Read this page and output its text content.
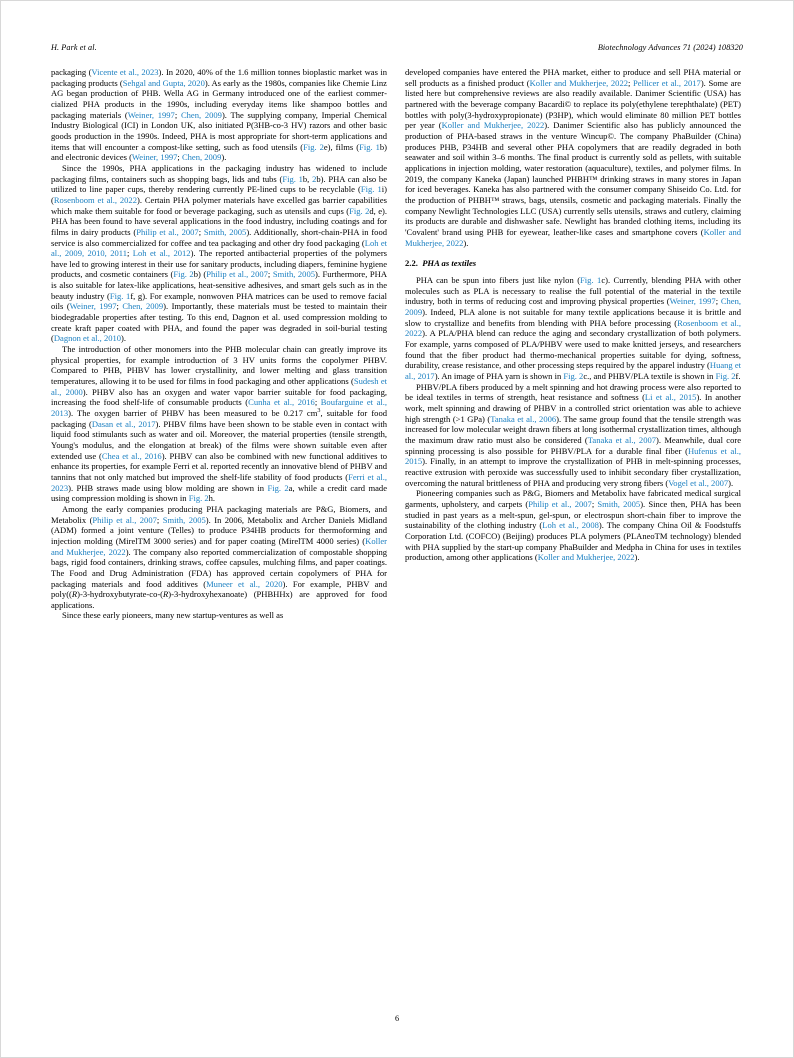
H. Park et al.	Biotechnology Advances 71 (2024) 108320

packaging (Vicente et al., 2023). In 2020, 40% of the 1.6 million tonnes bioplastic market was in packaging products (Sehgal and Gupta, 2020). As early as the 1980s, companies like Chemie Linz AG began production of PHB. Wella AG in Germany introduced one of the earliest commercialized PHA products in the 1990s, including everyday items like shampoo bottles and packaging materials (Weiner, 1997; Chen, 2009). The supplying company, Imperial Chemical Industry Biological (ICI) in London UK, also initiated P(3HB-co-3 HV) razors and other basic goods production in the 1990s. Indeed, PHA is most appropriate for short-term applications and items that will encounter a compost-like setting, such as food utensils (Fig. 2e), films (Fig. 1b) and electronic devices (Weiner, 1997; Chen, 2009).

Since the 1990s, PHA applications in the packaging industry has widened to include packaging films, containers such as shopping bags, lids and tubs (Fig. 1b, 2b). PHA can also be utilized to line paper cups, thereby rendering currently PE-lined cups to be recyclable (Fig. 1i) (Rosenboom et al., 2022). Certain PHA polymer materials have excelled gas barrier capabilities which make them suitable for food or beverage packaging, such as utensils and cups (Fig. 2d, e). PHA has been found to have several applications in the food industry, including coatings and for films in dairy products (Philip et al., 2007; Smith, 2005). Additionally, short-chain-PHA in food service is also commercialized for coffee and tea packaging and other dry food packaging (Loh et al., 2009, 2010, 2011; Loh et al., 2012). The reported antibacterial properties of the polymers have led to growing interest in their use for sanitary products, including diapers, feminine hygiene products, and cosmetic containers (Fig. 2b) (Philip et al., 2007; Smith, 2005). Furthermore, PHA is also suitable for latex-like applications, heat-sensitive adhesives, and smart gels such as in the beauty industry (Fig. 1f, g). For example, nonwoven PHA matrices can be used to remove facial oils (Weiner, 1997; Chen, 2009). Importantly, these materials must be tested to maintain their biodegradable properties after testing. To this end, Dagnon et al. used compression molding to create kraft paper coated with PHA, and found the paper was degraded in soil-burial testing (Dagnon et al., 2010).

The introduction of other monomers into the PHB molecular chain can greatly improve its physical properties, for example introduction of 3 HV units forms the copolymer PHBV. Compared to PHB, PHBV has lower crystallinity, and lower melting and glass transition temperatures, allowing it to be used for films in food packaging and other applications (Sudesh et al., 2000). PHBV also has an oxygen and water vapor barrier suitable for food packaging, increasing the food shelf-life of consumable products (Cunha et al., 2016; Boufarguine et al., 2013). The oxygen barrier of PHBV has been measured to be 0.217 $cm^3$, suitable for food packaging (Dasan et al., 2017). PHBV films have been shown to be stable even in contact with liquid food stimulants such as water and oil. Moreover, the material properties (tensile strength, Young's modulus, and the elongation at break) of the films were shown suitable even after extended use (Chea et al., 2016). PHBV can also be combined with new functional additives to enhance its properties, for example Ferri et al. reported recently an innovative blend of PHBV and tannins that not only matched but improved the shelf-life stability of food products (Ferri et al., 2023). PHB straws made using blow molding are shown in Fig. 2a, while a credit card made using compression molding is shown in Fig. 2h.

Among the early companies producing PHA packaging materials are P&G, Biomers, and Metabolix (Philip et al., 2007; Smith, 2005). In 2006, Metabolix and Archer Daniels Midland (ADM) formed a joint venture (Telles) to produce P34HB products for thermoforming and injection molding (MirelTM 3000 series) and for paper coating (MirelTM 4000 series) (Koller and Mukherjee, 2022). The company also reported commercialization of compostable shopping bags, rigid food containers, drinking straws, coffee capsules, mulching films, and paper coatings. The Food and Drug Administration (FDA) has approved certain copolymers of PHA for packaging materials and food additives (Muneer et al., 2020). For example, PHBV and poly((R)-3-hydroxybutyrate-co-(R)-3-hydroxyhexanoate) (PHBHHx) are approved for food applications.

Since these early pioneers, many new startup-ventures as well as

developed companies have entered the PHA market, either to produce and sell PHA material or sell products as a finished product (Koller and Mukherjee, 2022; Pellicer et al., 2017). Some are listed here but comprehensive reviews are also readily available. Danimer Scientific (USA) has partnered with the beverage company Bacardi© to replace its poly(ethylene terephthalate) (PET) bottles with poly(3-hydroxypropionate) (P3HP), which would eliminate 80 million PET bottles per year (Koller and Mukherjee, 2022). Danimer Scientific also has publicly announced the production of PHA-based straws in the venture Wincup©. The company PhaBuilder (China) produces PHB, P34HB and several other PHA copolymers that are readily degraded in both seawater and soil within 3–6 months. The final product is currently sold as pellets, with suitable applications in injection molding, water restoration (aquaculture), textiles, and polymer films. In 2019, the company Kaneka (Japan) launched PHBH™ drinking straws in many stores in Japan for iced beverages. Kaneka has also partnered with the consumer company Shiseido Co. Ltd. for the production of PHBH™ straws, bags, utensils, cosmetic and packaging materials. Finally the company Newlight Technologies LLC (USA) currently sells utensils, straws and cutlery, claiming its products are durable and dishwasher safe. Newlight has branded clothing items, including its 'Covalent' brand using PHB for eyewear, leather-like cases and smartphone covers (Koller and Mukherjee, 2022).

2.2. PHA as textiles

PHA can be spun into fibers just like nylon (Fig. 1c). Currently, blending PHA with other molecules such as PLA is necessary to realise the full potential of the material in the textile industry, both in terms of reducing cost and improving physical properties (Weiner, 1997; Chen, 2009). Indeed, PLA alone is not suitable for many textile applications because it is brittle and slow to crystallize and benefits from blending with PHA before processing (Rosenboom et al., 2022). A PLA/PHA blend can reduce the aging and secondary crystallization of both polymers. For example, yarns composed of PLA/PHBV were used to make knitted jerseys, and researchers found that the fiber product had thermo-mechanical properties suitable for dying, softness, durability, crease resistance, and other processing steps required by the apparel industry (Huang et al., 2017). An image of PHA yarn is shown in Fig. 2c., and PHBV/PLA textile is shown in Fig. 2f.

PHBV/PLA fibers produced by a melt spinning and hot drawing process were also reported to be ideal textiles in terms of strength, heat resistance and softness (Li et al., 2015). In another work, melt spinning and drawing of PHBV in a controlled strict orientation was able to achieve high strength (>1 GPa) (Tanaka et al., 2006). The same group found that the tensile strength was increased for low molecular weight drawn fibers at long isothermal crystallization times, although the maximum draw ratio must also be considered (Tanaka et al., 2007). Meanwhile, dual core spinning processing is also possible for PHBV/PLA for a durable final fiber (Hufenus et al., 2015). Finally, in an attempt to improve the crystallization of PHB in melt-spinning processes, reactive extrusion with peroxide was successfully used to inhibit secondary fiber crystallization, overcoming the natural brittleness of PHA and producing very strong fibers (Vogel et al., 2007).

Pioneering companies such as P&G, Biomers and Metabolix have fabricated medical surgical garments, upholstery, and carpets (Philip et al., 2007; Smith, 2005). Since then, PHA has been studied in past years as a melt-spun, gel-spun, or electrospun short-chain fiber to improve the sustainability of the clothing industry (Loh et al., 2008). The company China Oil & Foodstuffs Corporation Ltd. (COFCO) (Beijing) produces PLA polymers (PLAneoTM technology) blended with PHA supplied by the start-up company PhaBuilder and Medpha in China for uses in textiles production, among other applications (Koller and Mukherjee, 2022).

6
